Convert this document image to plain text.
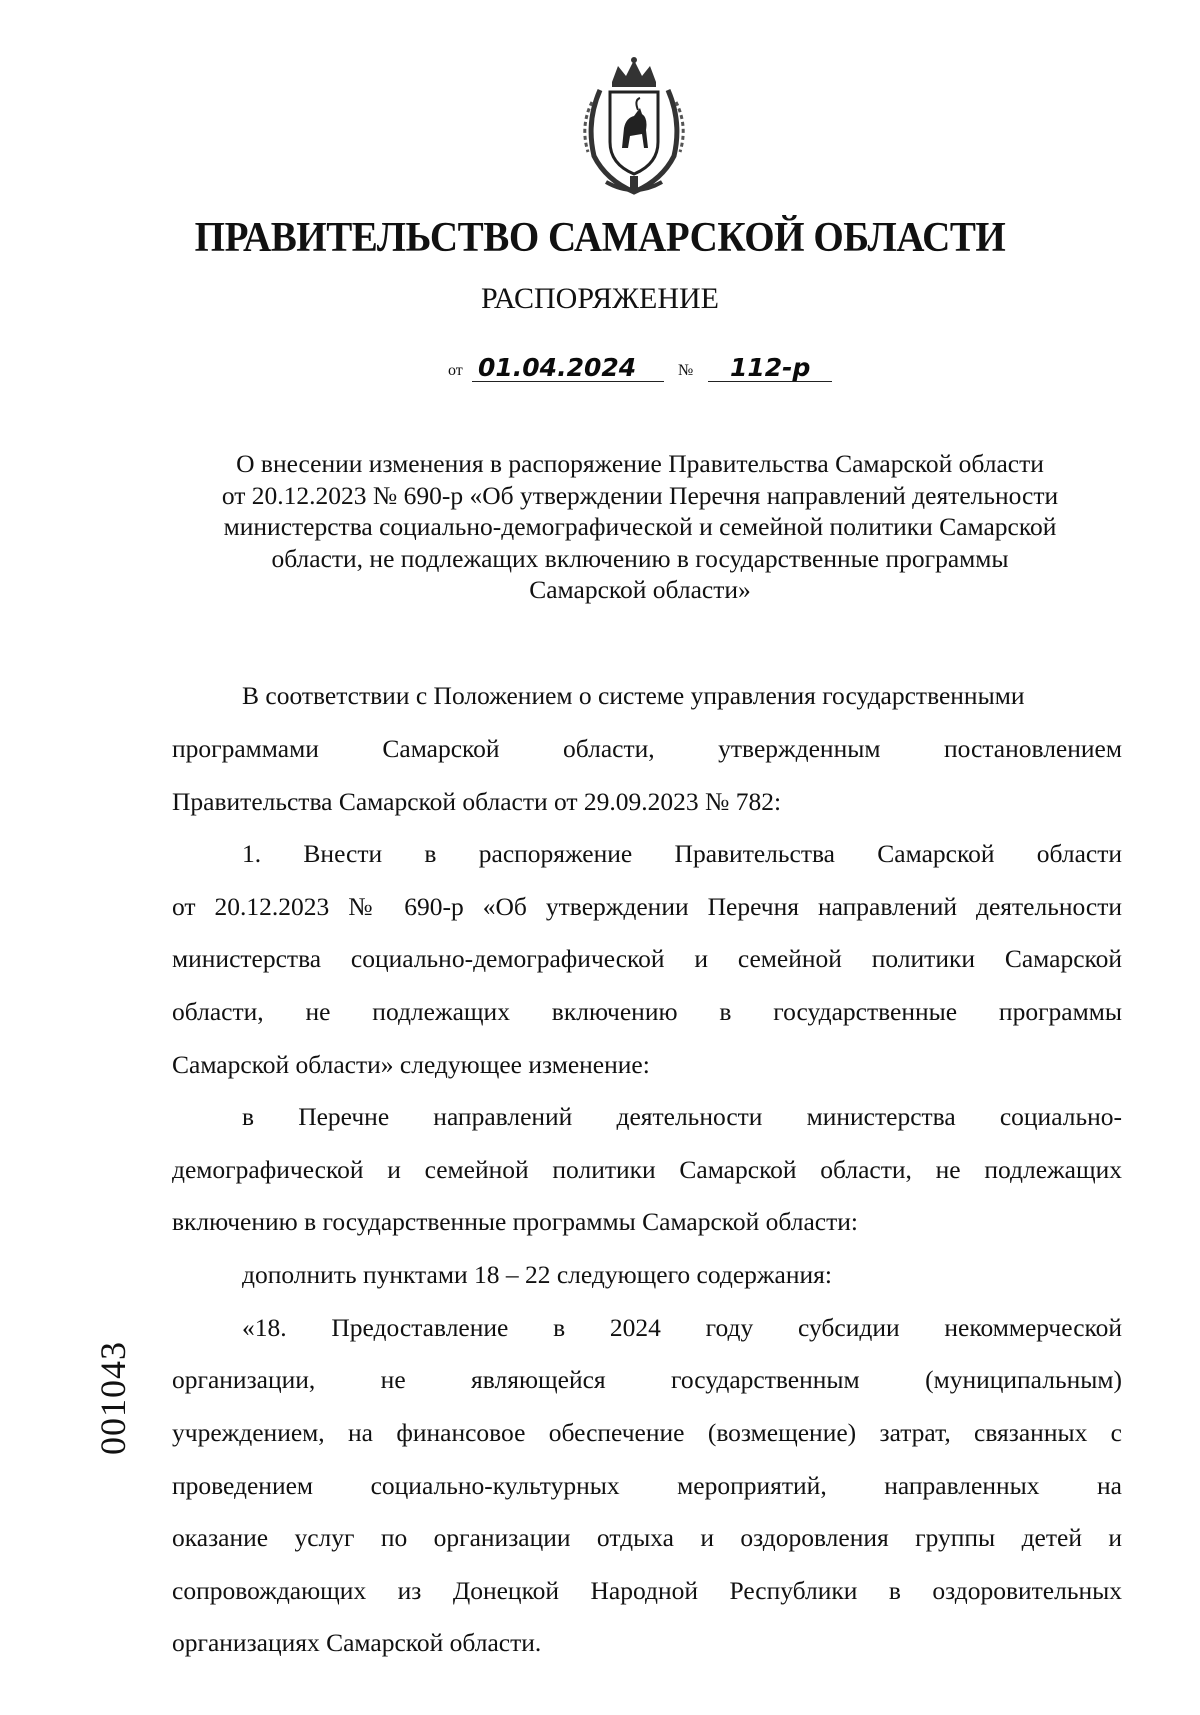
ПРАВИТЕЛЬСТВО САМАРСКОЙ ОБЛАСТИ
РАСПОРЯЖЕНИЕ
от 01.04.2024	№ 112-р
О внесении изменения в распоряжение Правительства Самарской области
от 20.12.2023 № 690-р «Об утверждении Перечня направлений деятельности
министерства социально-демографической и семейной политики Самарской
области, не подлежащих включению в государственные программы
Самарской области»
В соответствии с Положением о системе управления государственными
программами Самарской области, утвержденным постановлением
Правительства Самарской области от 29.09.2023 № 782:
1. Внести в распоряжение Правительства Самарской области
от 20.12.2023 № 690-р «Об утверждении Перечня направлений деятельности
министерства социально-демографической и семейной политики Самарской
области, не подлежащих включению в государственные программы
Самарской области» следующее изменение:
в Перечне направлений деятельности министерства социально-
демографической и семейной политики Самарской области, не подлежащих
включению в государственные программы Самарской области:
дополнить пунктами 18 – 22 следующего содержания:
«18. Предоставление в 2024 году субсидии некоммерческой
организации, не являющейся государственным (муниципальным)
учреждением, на финансовое обеспечение (возмещение) затрат, связанных с
проведением социально-культурных мероприятий, направленных на
оказание услуг по организации отдыха и оздоровления группы детей и
сопровождающих из Донецкой Народной Республики в оздоровительных
организациях Самарской области.
001043
